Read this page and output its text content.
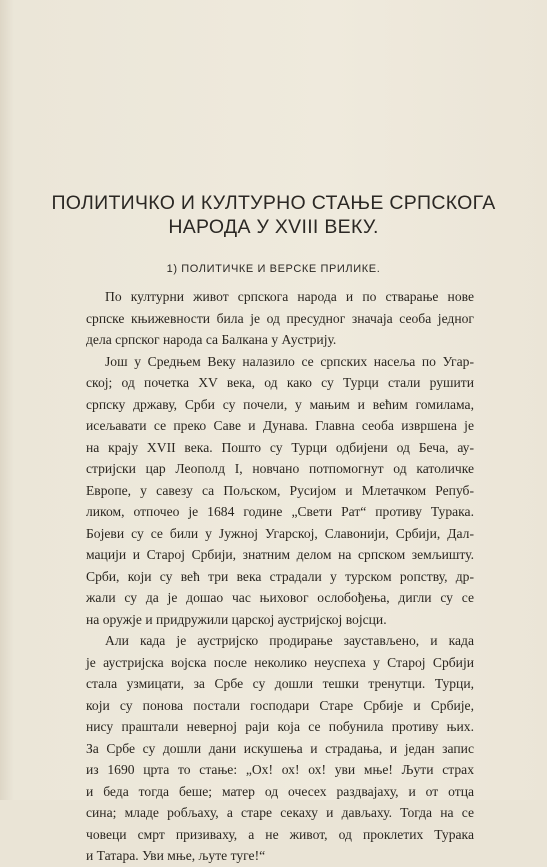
ПОЛИТИЧКО И КУЛТУРНО СТАЊЕ СРПСКОГА
НАРОДА У XVIII ВЕКУ.
1) ПОЛИТИЧКЕ И ВЕРСКЕ ПРИЛИКЕ.
По културни живот српскога народа и по стварање нове
српске књижевности била је од пресудног значаја сеоба једног
дела српског народа са Балкана у Аустрију.
Још у Средњем Веку налазило се српских насеља по Угар-
ској; од почетка XV века, од како су Турци стали рушити
српску државу, Срби су почели, у мањим и већим гомилама,
исељавати се преко Саве и Дунава. Главна сеоба извршена је
на крају XVII века. Пошто су Турци одбијени од Беча, ау-
стријски цар Леополд I, новчано потпомогнут од католичке
Европе, у савезу са Пољском, Русијом и Млетачком Репуб-
ликом, отпочео је 1684 године „Свети Рат“ противу Турака.
Бојеви су се били у Јужној Угарској, Славонији, Србији, Дал-
мацији и Старој Србији, знатним делом на српском земљишту.
Срби, који су већ три века страдали у турском ропству, др-
жали су да је дошао час њиховог ослобођења, дигли су се
на оружје и придружили царској аустријској војсци.
Али када је аустријско продирање заустављено, и када
је аустријска војска после неколико неуспеха у Старој Србији
стала узмицати, за Србе су дошли тешки тренутци. Турци,
који су понова постали господари Старе Србије и Србије,
нису праштали неверној раји која се побунила противу њих.
За Србе су дошли дани искушења и страдања, и један запис
из 1690 црта то стање: „Ох! ох! ох! уви мње! Љути страх
и беда тогда беше; матер од очесех раздвајаху, и от отца
сина; младе робљаху, а старе секаху и дављаху. Тогда на се
човеци смрт призиваху, а не живот, од проклетих Турака
и Татара. Уви мње, љуте туге!“
